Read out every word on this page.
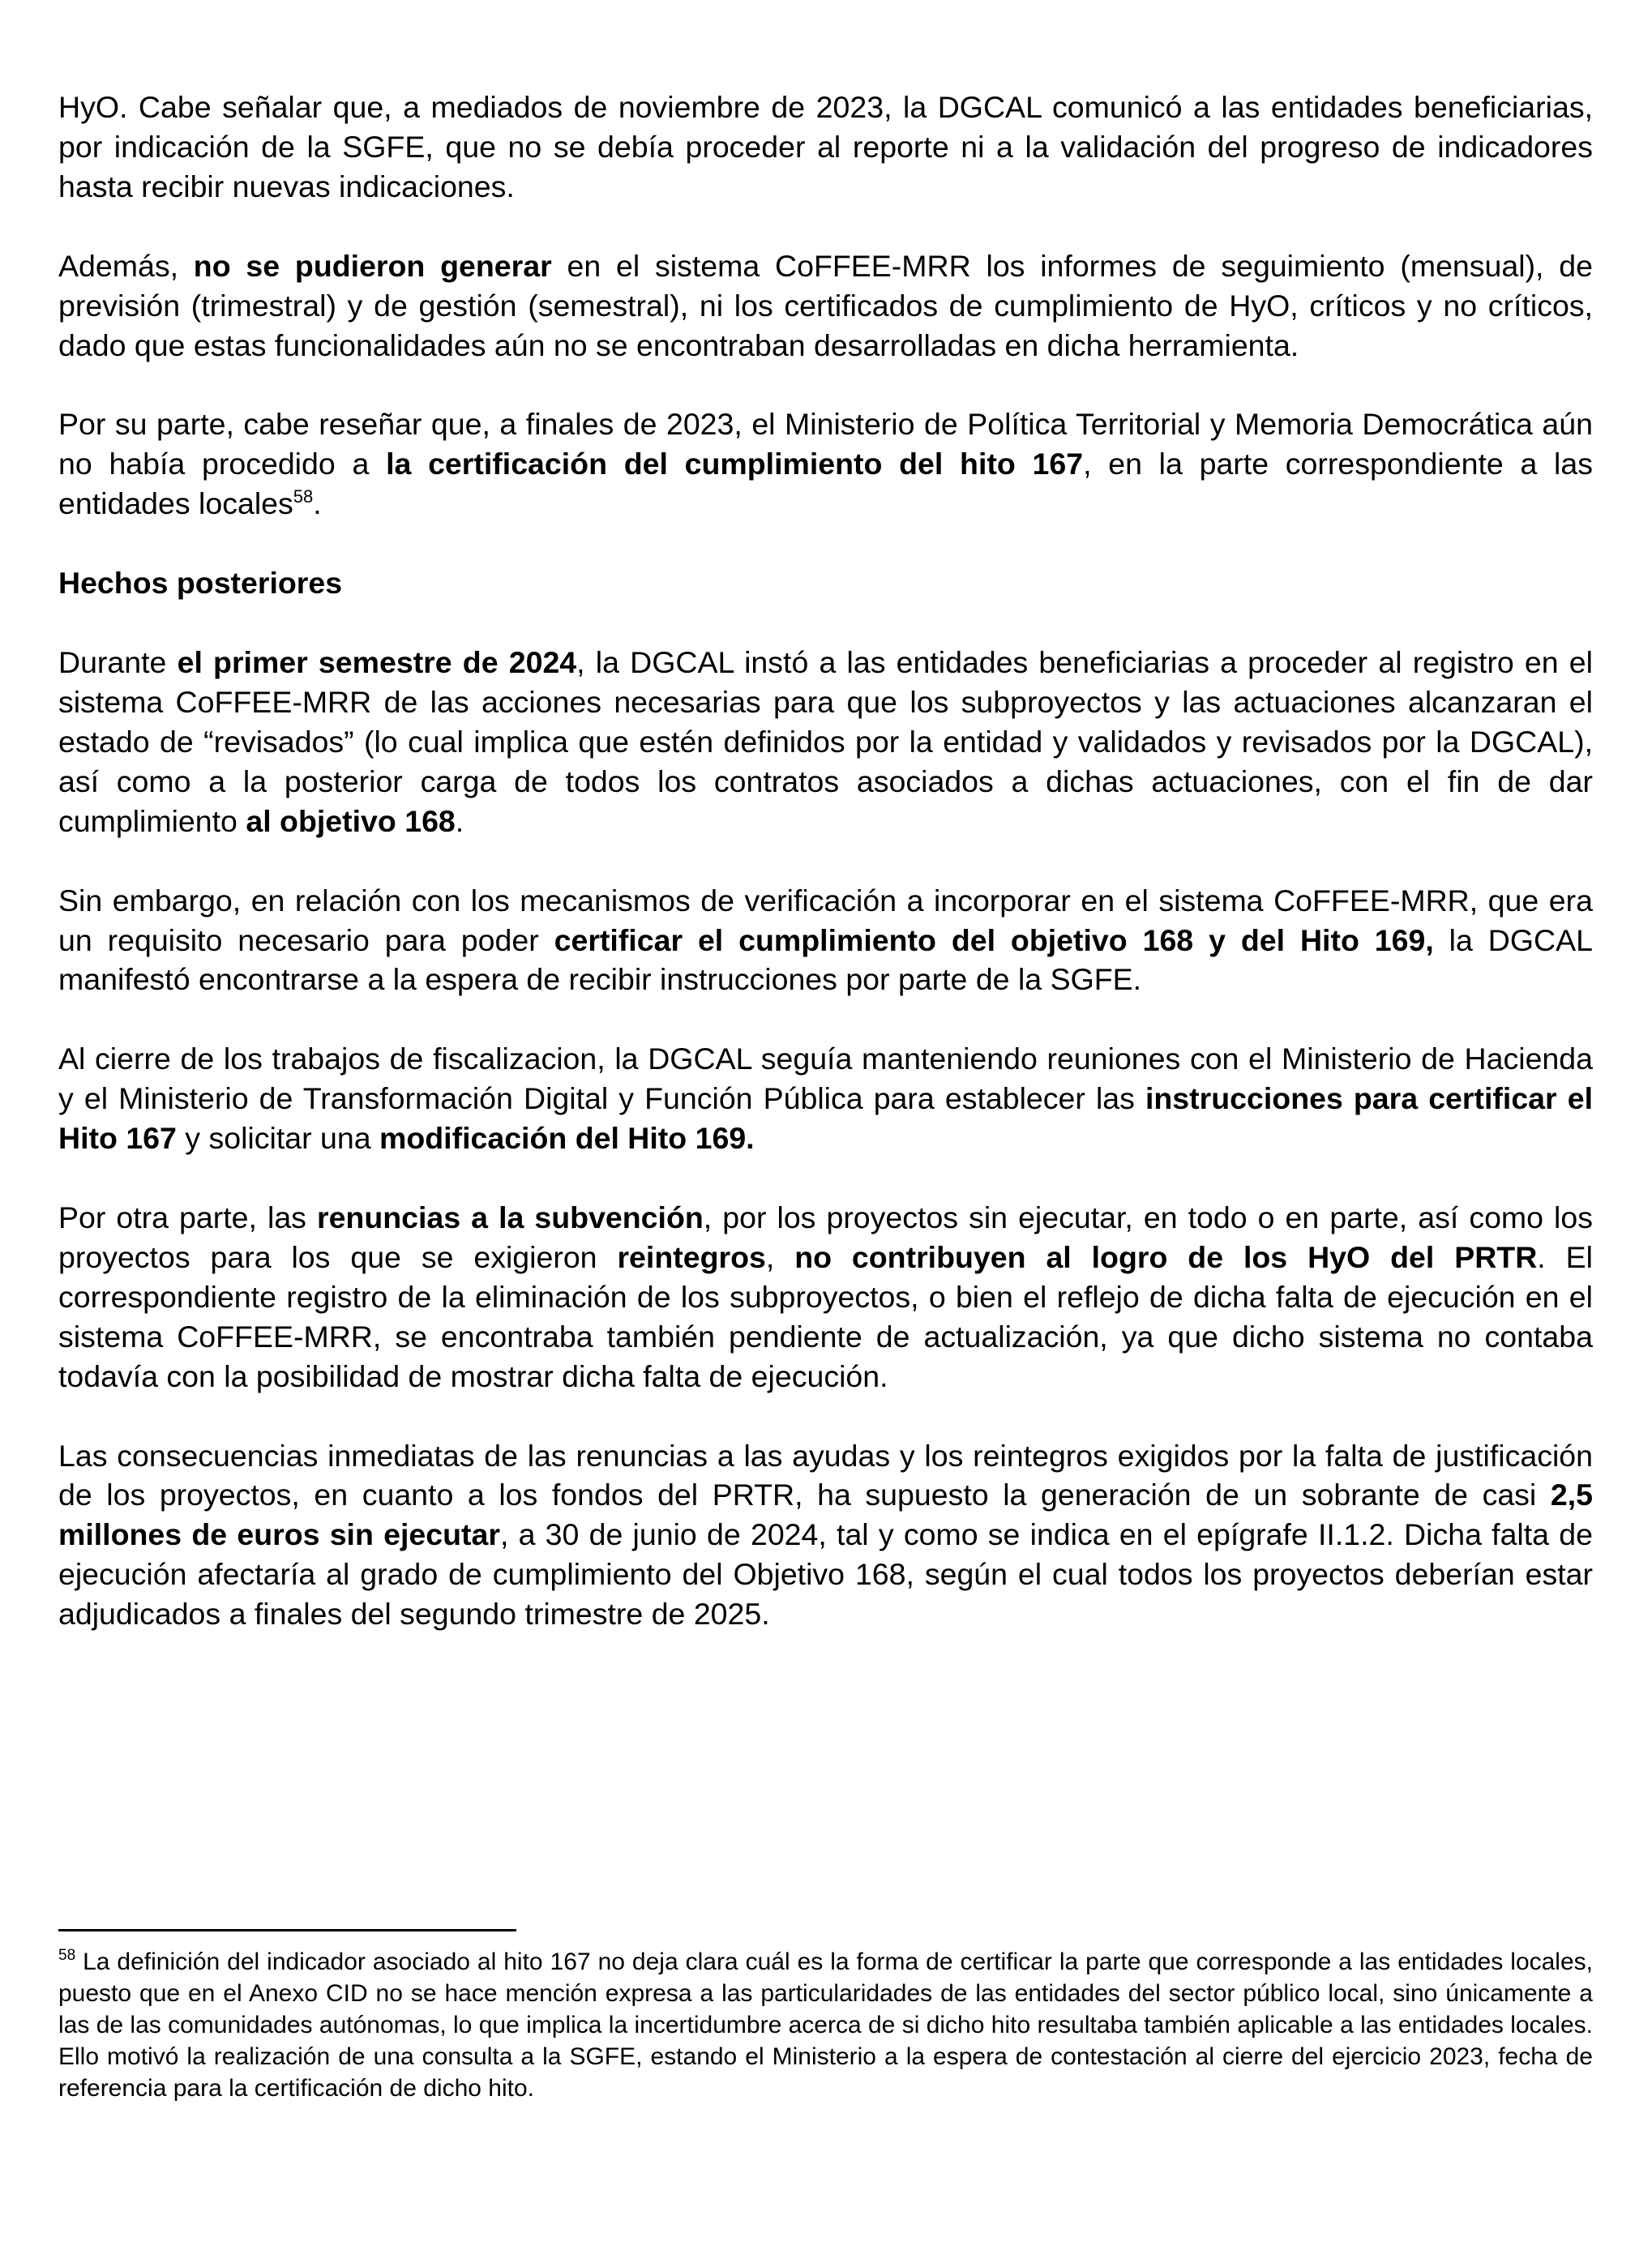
HyO. Cabe señalar que, a mediados de noviembre de 2023, la DGCAL comunicó a las entidades beneficiarias, por indicación de la SGFE, que no se debía proceder al reporte ni a la validación del progreso de indicadores hasta recibir nuevas indicaciones.

Además, no se pudieron generar en el sistema CoFFEE-MRR los informes de seguimiento (mensual), de previsión (trimestral) y de gestión (semestral), ni los certificados de cumplimiento de HyO, críticos y no críticos, dado que estas funcionalidades aún no se encontraban desarrolladas en dicha herramienta.

Por su parte, cabe reseñar que, a finales de 2023, el Ministerio de Política Territorial y Memoria Democrática aún no había procedido a la certificación del cumplimiento del hito 167, en la parte correspondiente a las entidades locales$^{58}$.

Hechos posteriores

Durante el primer semestre de 2024, la DGCAL instó a las entidades beneficiarias a proceder al registro en el sistema CoFFEE-MRR de las acciones necesarias para que los subproyectos y las actuaciones alcanzaran el estado de “revisados” (lo cual implica que estén definidos por la entidad y validados y revisados por la DGCAL), así como a la posterior carga de todos los contratos asociados a dichas actuaciones, con el fin de dar cumplimiento al objetivo 168.

Sin embargo, en relación con los mecanismos de verificación a incorporar en el sistema CoFFEE-MRR, que era un requisito necesario para poder certificar el cumplimiento del objetivo 168 y del Hito 169, la DGCAL manifestó encontrarse a la espera de recibir instrucciones por parte de la SGFE.

Al cierre de los trabajos de fiscalizacion, la DGCAL seguía manteniendo reuniones con el Ministerio de Hacienda y el Ministerio de Transformación Digital y Función Pública para establecer las instrucciones para certificar el Hito 167 y solicitar una modificación del Hito 169.

Por otra parte, las renuncias a la subvención, por los proyectos sin ejecutar, en todo o en parte, así como los proyectos para los que se exigieron reintegros, no contribuyen al logro de los HyO del PRTR. El correspondiente registro de la eliminación de los subproyectos, o bien el reflejo de dicha falta de ejecución en el sistema CoFFEE-MRR, se encontraba también pendiente de actualización, ya que dicho sistema no contaba todavía con la posibilidad de mostrar dicha falta de ejecución.

Las consecuencias inmediatas de las renuncias a las ayudas y los reintegros exigidos por la falta de justificación de los proyectos, en cuanto a los fondos del PRTR, ha supuesto la generación de un sobrante de casi 2,5 millones de euros sin ejecutar, a 30 de junio de 2024, tal y como se indica en el epígrafe II.1.2. Dicha falta de ejecución afectaría al grado de cumplimiento del Objetivo 168, según el cual todos los proyectos deberían estar adjudicados a finales del segundo trimestre de 2025.

$^{58}$ La definición del indicador asociado al hito 167 no deja clara cuál es la forma de certificar la parte que corresponde a las entidades locales, puesto que en el Anexo CID no se hace mención expresa a las particularidades de las entidades del sector público local, sino únicamente a las de las comunidades autónomas, lo que implica la incertidumbre acerca de si dicho hito resultaba también aplicable a las entidades locales. Ello motivó la realización de una consulta a la SGFE, estando el Ministerio a la espera de contestación al cierre del ejercicio 2023, fecha de referencia para la certificación de dicho hito.
